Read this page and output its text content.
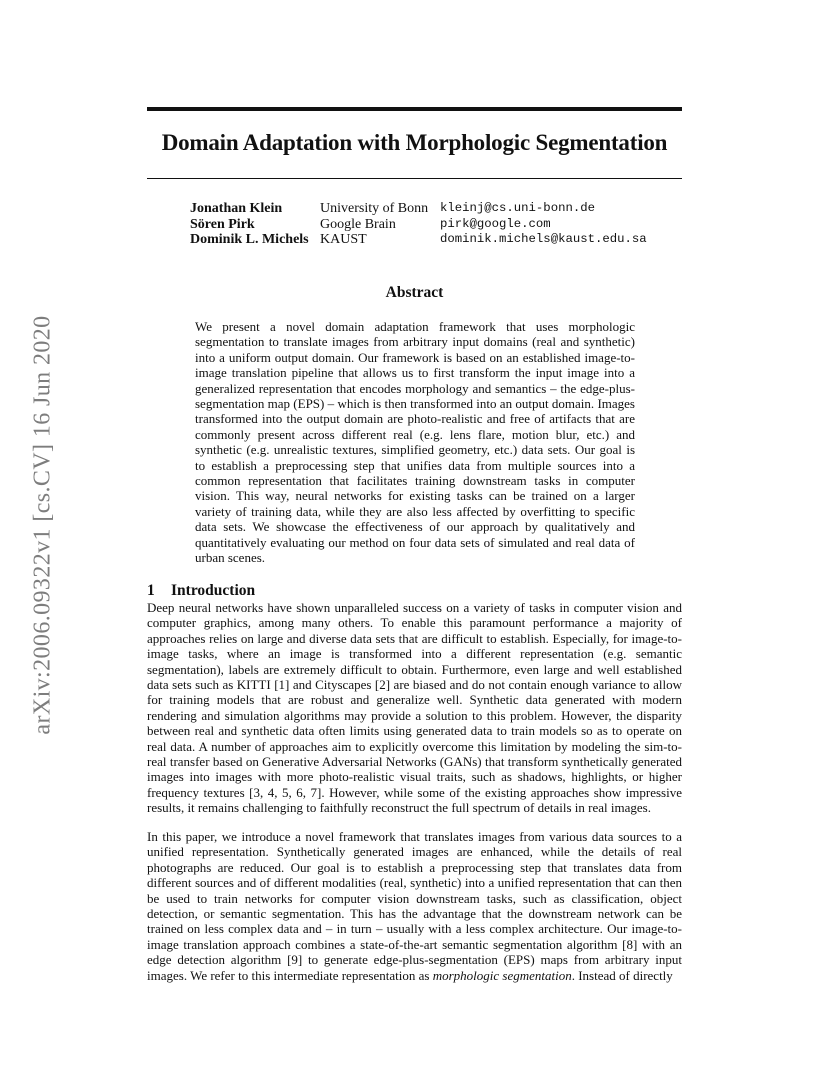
arXiv:2006.09322v1 [cs.CV] 16 Jun 2020
Domain Adaptation with Morphologic Segmentation
Jonathan Klein	University of Bonn kleinj@cs.uni-bonn.de
Sören Pirk	Google Brain	pirk@google.com
Dominik L. Michels KAUST	dominik.michels@kaust.edu.sa
Abstract

We present a novel domain adaptation framework that uses morphologic segmentation to translate images from arbitrary input domains (real and synthetic) into a uniform output domain. Our framework is based on an established image-to-image translation pipeline that allows us to first transform the input image into a generalized representation that encodes morphology and semantics – the edge-plus-segmentation map (EPS) – which is then transformed into an output domain. Images transformed into the output domain are photo-realistic and free of artifacts that are commonly present across different real (e.g. lens flare, motion blur, etc.) and synthetic (e.g. unrealistic textures, simplified geometry, etc.) data sets. Our goal is to establish a preprocessing step that unifies data from multiple sources into a common representation that facilitates training downstream tasks in computer vision. This way, neural networks for existing tasks can be trained on a larger variety of training data, while they are also less affected by overfitting to specific data sets. We showcase the effectiveness of our approach by qualitatively and quantitatively evaluating our method on four data sets of simulated and real data of urban scenes.

1 Introduction

Deep neural networks have shown unparalleled success on a variety of tasks in computer vision and computer graphics, among many others. To enable this paramount performance a majority of approaches relies on large and diverse data sets that are difficult to establish. Especially, for image-to-image tasks, where an image is transformed into a different representation (e.g. semantic segmentation), labels are extremely difficult to obtain. Furthermore, even large and well established data sets such as KITTI [1] and Cityscapes [2] are biased and do not contain enough variance to allow for training models that are robust and generalize well. Synthetic data generated with modern rendering and simulation algorithms may provide a solution to this problem. However, the disparity between real and synthetic data often limits using generated data to train models so as to operate on real data. A number of approaches aim to explicitly overcome this limitation by modeling the sim-to-real transfer based on Generative Adversarial Networks (GANs) that transform synthetically generated images into images with more photo-realistic visual traits, such as shadows, highlights, or higher frequency textures [3, 4, 5, 6, 7]. However, while some of the existing approaches show impressive results, it remains challenging to faithfully reconstruct the full spectrum of details in real images.

In this paper, we introduce a novel framework that translates images from various data sources to a unified representation. Synthetically generated images are enhanced, while the details of real photographs are reduced. Our goal is to establish a preprocessing step that translates data from different sources and of different modalities (real, synthetic) into a unified representation that can then be used to train networks for computer vision downstream tasks, such as classification, object detection, or semantic segmentation. This has the advantage that the downstream network can be trained on less complex data and – in turn – usually with a less complex architecture. Our image-to-image translation approach combines a state-of-the-art semantic segmentation algorithm [8] with an edge detection algorithm [9] to generate edge-plus-segmentation (EPS) maps from arbitrary input images. We refer to this intermediate representation as morphologic segmentation. Instead of directly
